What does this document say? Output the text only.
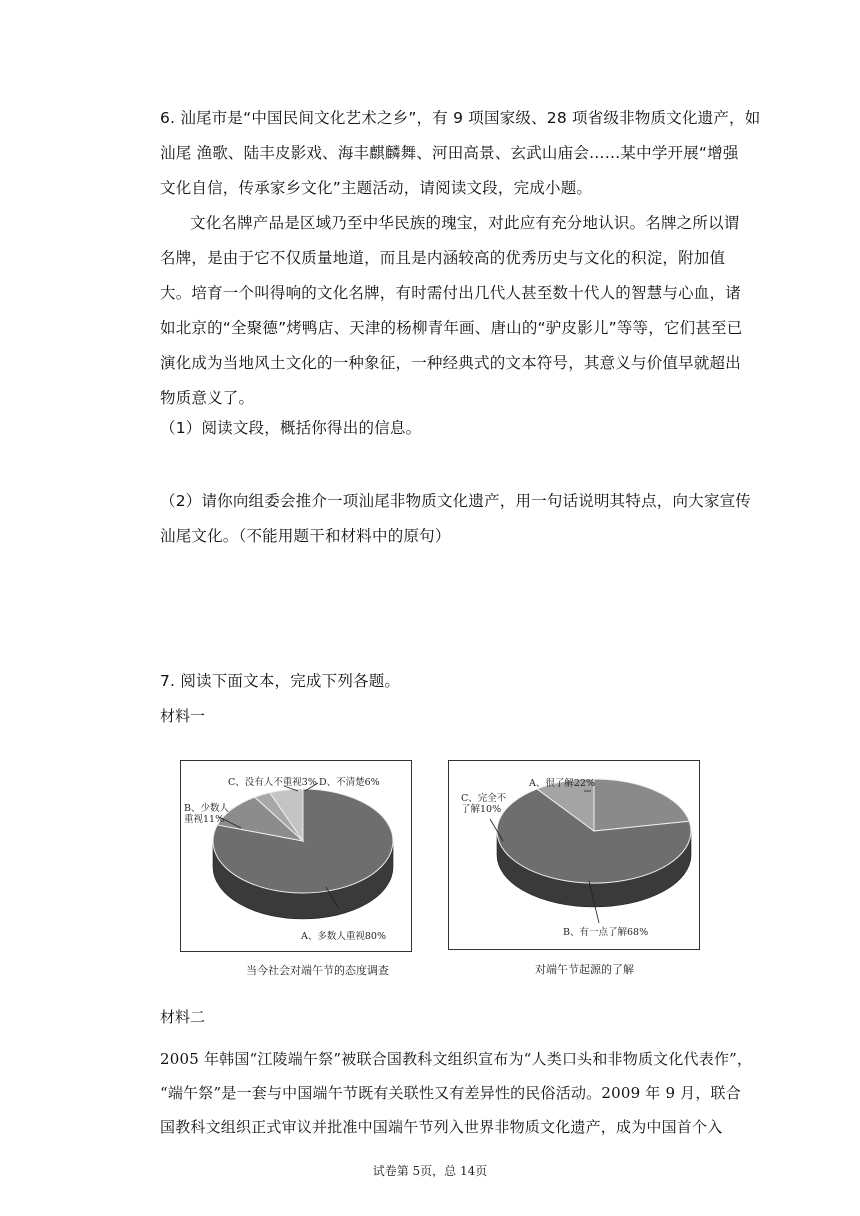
6. 汕尾市是“中国民间文化艺术之乡”，有 9 项国家级、28 项省级非物质文化遗产，如
汕尾 渔歌、陆丰皮影戏、海丰麒麟舞、河田高景、玄武山庙会……某中学开展“增强
文化自信，传承家乡文化”主题活动，请阅读文段，完成小题。
文化名牌产品是区域乃至中华民族的瑰宝，对此应有充分地认识。名牌之所以谓
名牌，是由于它不仅质量地道，而且是内涵较高的优秀历史与文化的积淀，附加值
大。培育一个叫得响的文化名牌，有时需付出几代人甚至数十代人的智慧与心血，诸
如北京的“全聚德”烤鸭店、天津的杨柳青年画、唐山的“驴皮影儿”等等，它们甚至已
演化成为当地风土文化的一种象征，一种经典式的文本符号，其意义与价值早就超出
物质意义了。
（1）阅读文段，概括你得出的信息。
（2）请你向组委会推介一项汕尾非物质文化遗产，用一句话说明其特点，向大家宣传
汕尾文化。（不能用题干和材料中的原句）
7. 阅读下面文本，完成下列各题。
材料一
A、多数人重视80%
B、少数人
重视11%
C、没有人不重视3% D、不清楚6%
当今社会对端午节的态度调查
A、很了解22%
B、有一点了解68%
C、完全不
了解10%
对端午节起源的了解
材料二
2005 年韩国“江陵端午祭”被联合国教科文组织宣布为“人类口头和非物质文化代表作”，
“端午祭”是一套与中国端午节既有关联性又有差异性的民俗活动。2009 年 9 月，联合
国教科文组织正式审议并批准中国端午节列入世界非物质文化遗产，成为中国首个入
试卷第 5页，总 14页
